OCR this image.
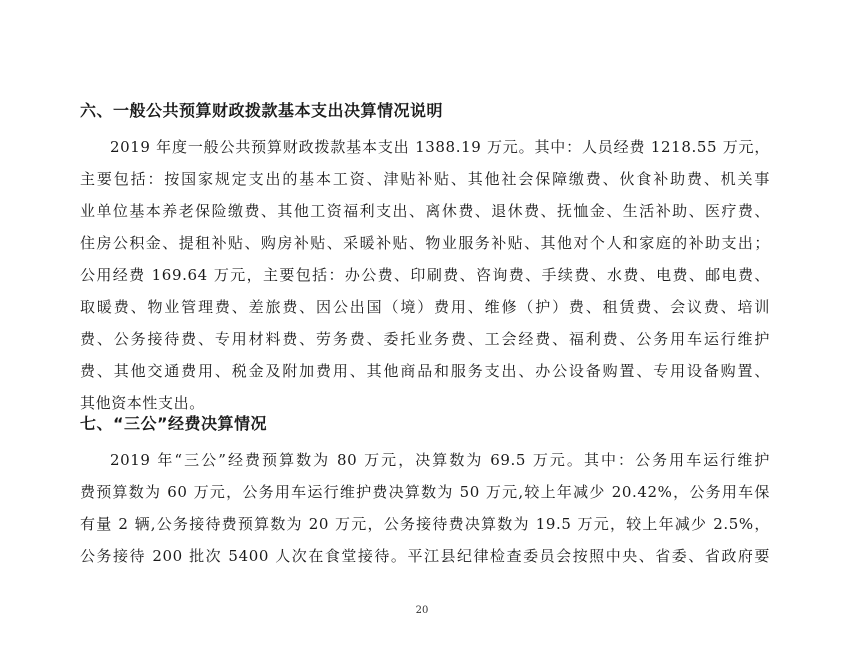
六、一般公共预算财政拨款基本支出决算情况说明
2019 年度一般公共预算财政拨款基本支出 1388.19 万元。其中：人员经费 1218.55 万元，
主要包括：按国家规定支出的基本工资、津贴补贴、其他社会保障缴费、伙食补助费、机关事
业单位基本养老保险缴费、其他工资福利支出、离休费、退休费、抚恤金、生活补助、医疗费、
住房公积金、提租补贴、购房补贴、采暖补贴、物业服务补贴、其他对个人和家庭的补助支出；
公用经费 169.64 万元，主要包括：办公费、印刷费、咨询费、手续费、水费、电费、邮电费、
取暖费、物业管理费、差旅费、因公出国（境）费用、维修（护）费、租赁费、会议费、培训
费、公务接待费、专用材料费、劳务费、委托业务费、工会经费、福利费、公务用车运行维护
费、其他交通费用、税金及附加费用、其他商品和服务支出、办公设备购置、专用设备购置、
其他资本性支出。
七、“三公”经费决算情况
2019 年“三公”经费预算数为 80 万元，决算数为 69.5 万元。其中：公务用车运行维护
费预算数为 60 万元，公务用车运行维护费决算数为 50 万元,较上年减少 20.42%，公务用车保
有量 2 辆,公务接待费预算数为 20 万元，公务接待费决算数为 19.5 万元，较上年减少 2.5%，
公务接待 200 批次 5400 人次在食堂接待。平江县纪律检查委员会按照中央、省委、省政府要
20
